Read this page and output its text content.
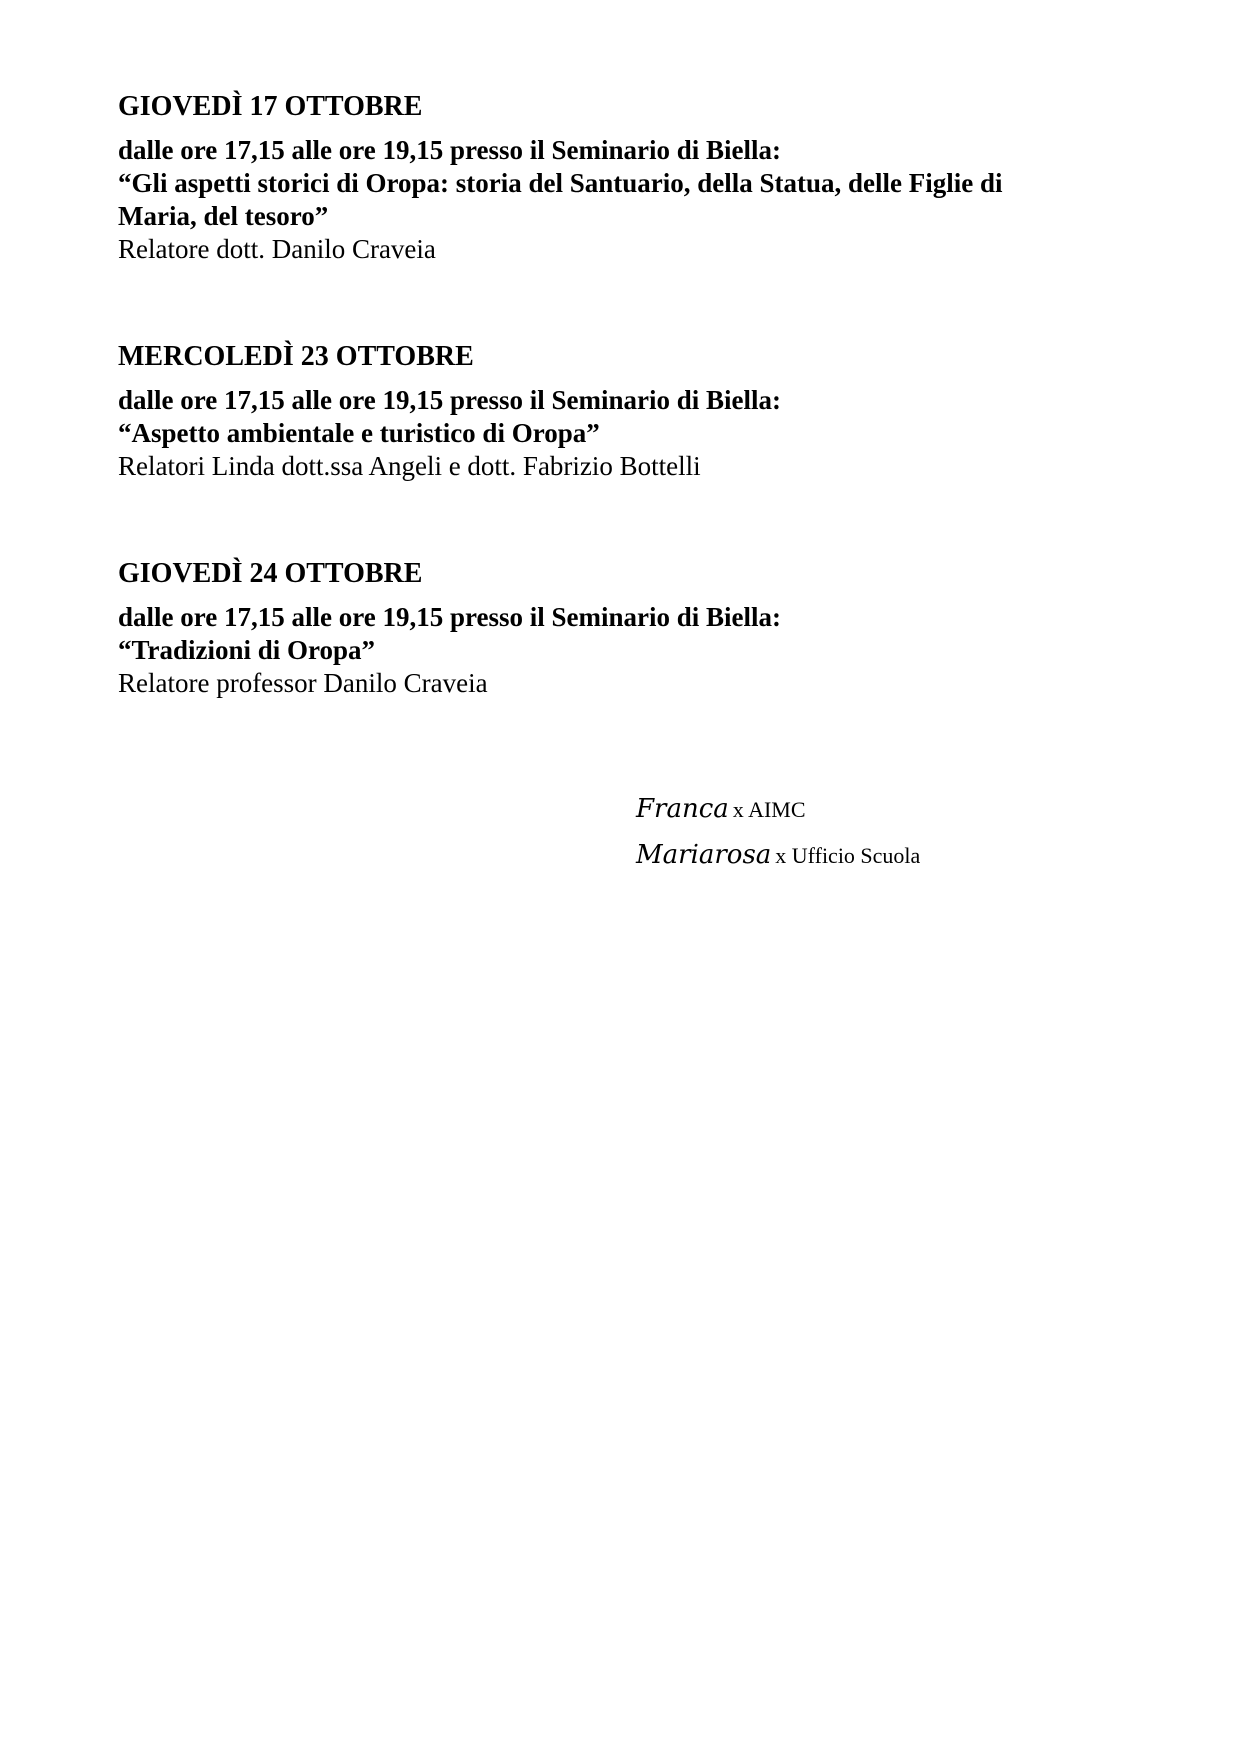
GIOVEDÌ 17 OTTOBRE
dalle ore 17,15 alle ore 19,15 presso il Seminario di Biella:
“Gli aspetti storici di Oropa: storia del Santuario, della Statua, delle Figlie di
Maria, del tesoro”
Relatore dott. Danilo Craveia
MERCOLEDÌ 23 OTTOBRE
dalle ore 17,15 alle ore 19,15 presso il Seminario di Biella:
“Aspetto ambientale e turistico di Oropa”
Relatori Linda dott.ssa Angeli e dott. Fabrizio Bottelli
GIOVEDÌ 24 OTTOBRE
dalle ore 17,15 alle ore 19,15 presso il Seminario di Biella:
“Tradizioni di Oropa”
Relatore professor Danilo Craveia
Franca x AIMC
Mariarosa x Ufficio Scuola
